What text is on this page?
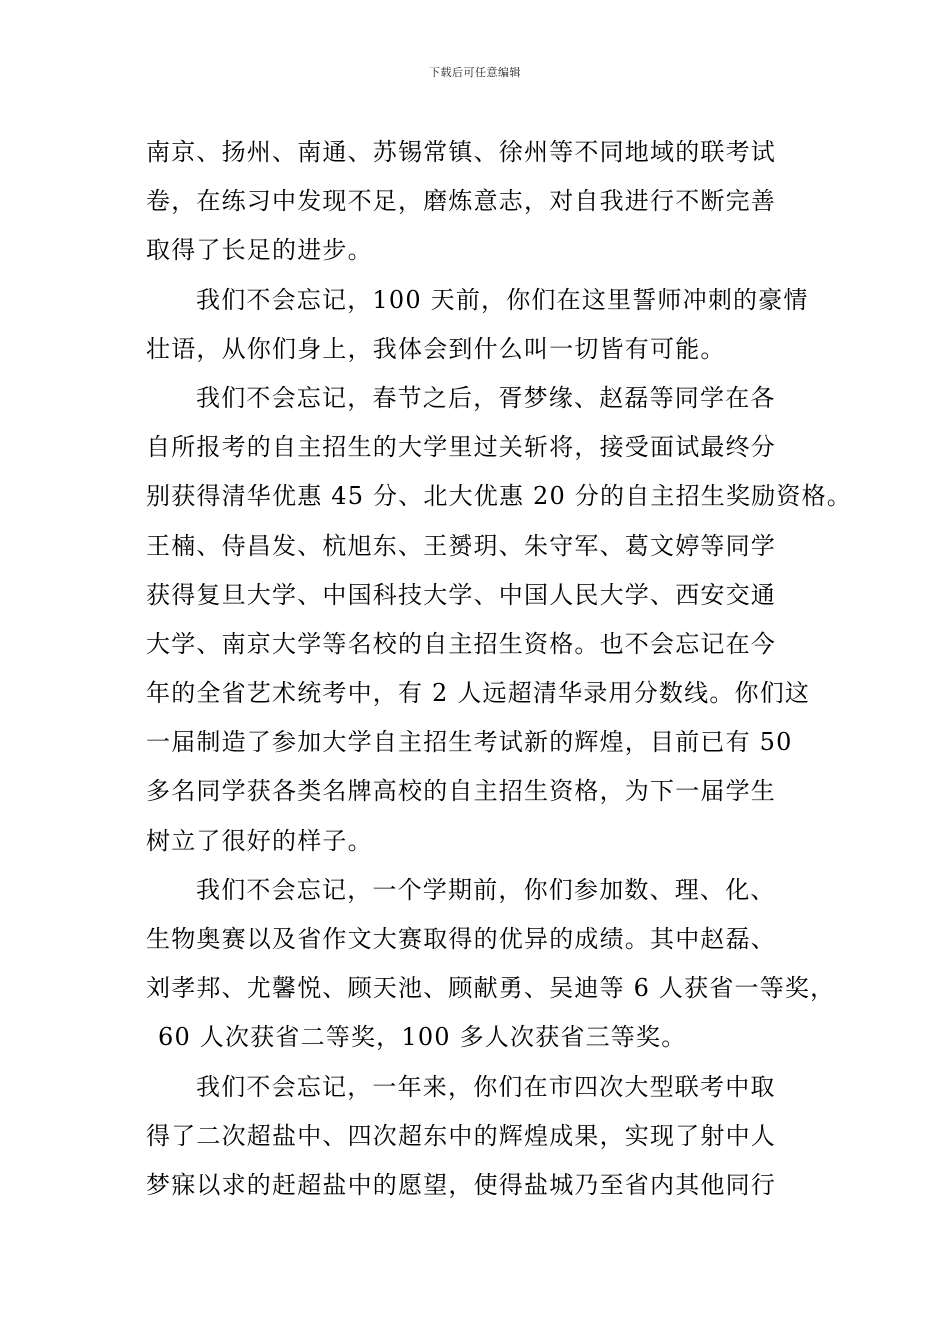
下载后可任意编辑
南京、扬州、南通、苏锡常镇、徐州等不同地域的联考试
卷，在练习中发现不足，磨炼意志，对自我进行不断完善
取得了长足的进步。
我们不会忘记，100 天前，你们在这里誓师冲刺的豪情
壮语，从你们身上，我体会到什么叫一切皆有可能。
我们不会忘记，春节之后，胥梦缘、赵磊等同学在各
自所报考的自主招生的大学里过关斩将，接受面试最终分
别获得清华优惠 45 分、北大优惠 20 分的自主招生奖励资格。
王楠、侍昌发、杭旭东、王赟玥、朱守军、葛文婷等同学
获得复旦大学、中国科技大学、中国人民大学、西安交通
大学、南京大学等名校的自主招生资格。也不会忘记在今
年的全省艺术统考中，有 2 人远超清华录用分数线。你们这
一届制造了参加大学自主招生考试新的辉煌，目前已有 50
多名同学获各类名牌高校的自主招生资格，为下一届学生
树立了很好的样子。
我们不会忘记，一个学期前，你们参加数、理、化、
生物奥赛以及省作文大赛取得的优异的成绩。其中赵磊、
刘孝邦、尤馨悦、顾天池、顾献勇、吴迪等 6 人获省一等奖，
60 人次获省二等奖，100 多人次获省三等奖。
我们不会忘记，一年来，你们在市四次大型联考中取
得了二次超盐中、四次超东中的辉煌成果，实现了射中人
梦寐以求的赶超盐中的愿望，使得盐城乃至省内其他同行
